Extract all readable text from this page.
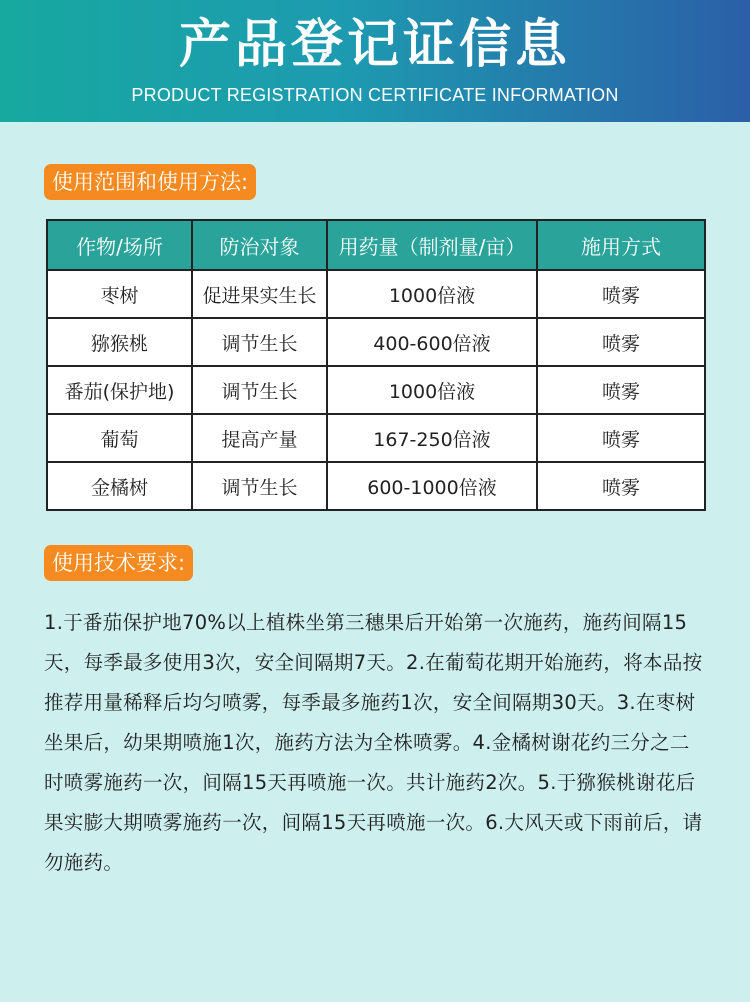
产品登记证信息
PRODUCT REGISTRATION CERTIFICATE INFORMATION
使用范围和使用方法:
作物/场所	防治对象	用药量（制剂量/亩）	施用方式
枣树	促进果实生长	1000倍液	喷雾
猕猴桃	调节生长	400-600倍液	喷雾
番茄(保护地)	调节生长	1000倍液	喷雾
葡萄	提高产量	167-250倍液	喷雾
金橘树	调节生长	600-1000倍液	喷雾
使用技术要求:
1.于番茄保护地70%以上植株坐第三穗果后开始第一次施药，施药间隔15天，每季最多使用3次，安全间隔期7天。2.在葡萄花期开始施药，将本品按推荐用量稀释后均匀喷雾，每季最多施药1次，安全间隔期30天。3.在枣树坐果后，幼果期喷施1次，施药方法为全株喷雾。4.金橘树谢花约三分之二时喷雾施药一次，间隔15天再喷施一次。共计施药2次。5.于猕猴桃谢花后果实膨大期喷雾施药一次，间隔15天再喷施一次。6.大风天或下雨前后，请勿施药。
